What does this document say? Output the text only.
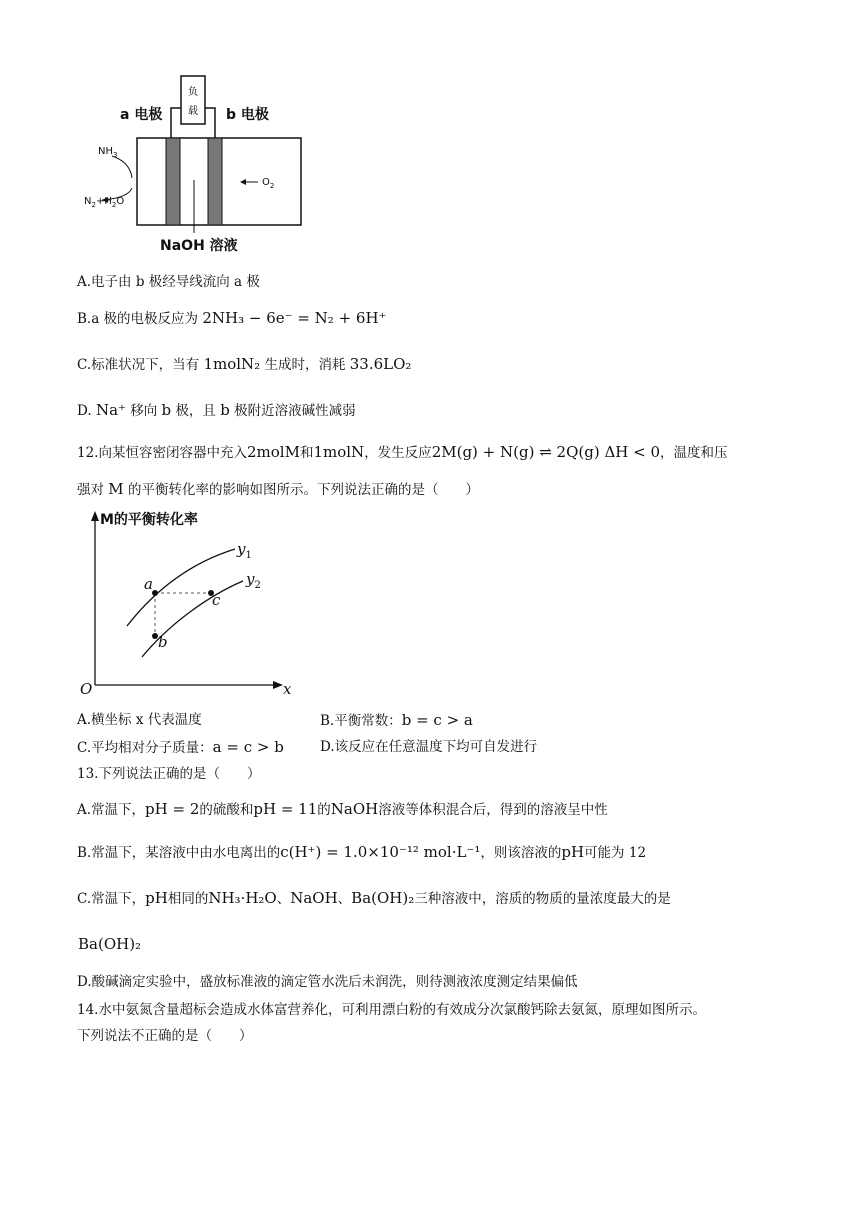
负
载
a 电极	b 电极
$NH_3$
$N_2+H_2O$
$O_2$
NaOH 溶液
A.电子由 b 极经导线流向 a 极
B.a 极的电极反应为 2NH₃ − 6e⁻ = N₂ + 6H⁺
C.标准状况下，当有 1molN₂ 生成时，消耗 33.6LO₂
D. Na⁺ 移向 b 极，且 b 极附近溶液碱性减弱
12.向某恒容密闭容器中充入2molM和1molN，发生反应2M(g) + N(g) ⇌ 2Q(g) ΔH < 0，温度和压
强对 M 的平衡转化率的影响如图所示。下列说法正确的是（　　）
M的平衡转化率
x
O
$y_1$
$y_2$
a
c
b
A.横坐标 x 代表温度	B.平衡常数：b = c > a
C.平均相对分子质量：a = c > b	D.该反应在任意温度下均可自发进行
13.下列说法正确的是（　　）
A.常温下，pH = 2的硫酸和pH = 11的NaOH溶液等体积混合后，得到的溶液呈中性
B.常温下，某溶液中由水电离出的c(H⁺) = 1.0×10⁻¹² mol·L⁻¹，则该溶液的pH可能为 12
C.常温下，pH相同的NH₃·H₂O、NaOH、Ba(OH)₂三种溶液中，溶质的物质的量浓度最大的是
Ba(OH)₂
D.酸碱滴定实验中，盛放标准液的滴定管水洗后未润洗，则待测液浓度测定结果偏低
14.水中氨氮含量超标会造成水体富营养化，可利用漂白粉的有效成分次氯酸钙除去氨氮，原理如图所示。
下列说法不正确的是（　　）
